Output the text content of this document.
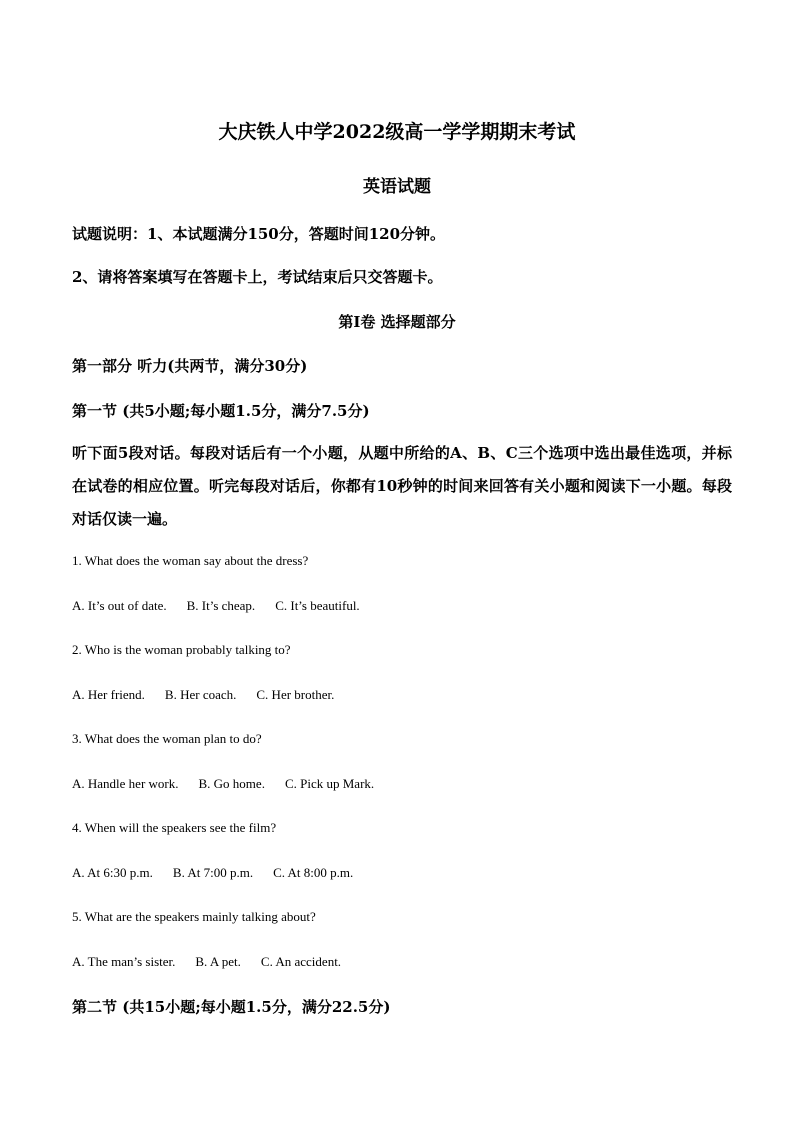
大庆铁人中学2022级高一学学期期末考试
英语试题
试题说明：1、本试题满分150分，答题时间120分钟。
2、请将答案填写在答题卡上，考试结束后只交答题卡。
第Ⅰ卷 选择题部分
第一部分 听力(共两节，满分30分)
第一节 (共5小题;每小题1.5分，满分7.5分)
听下面5段对话。每段对话后有一个小题，从题中所给的A、B、C三个选项中选出最佳选项，并标在试卷的相应位置。听完每段对话后，你都有10秒钟的时间来回答有关小题和阅读下一小题。每段对话仅读一遍。
1. What does the woman say about the dress?
A. It’s out of date. B. It’s cheap. C. It’s beautiful.
2. Who is the woman probably talking to?
A. Her friend. B. Her coach. C. Her brother.
3. What does the woman plan to do?
A. Handle her work. B. Go home. C. Pick up Mark.
4. When will the speakers see the film?
A. At 6:30 p.m. B. At 7:00 p.m. C. At 8:00 p.m.
5. What are the speakers mainly talking about?
A. The man’s sister. B. A pet. C. An accident.
第二节 (共15小题;每小题1.5分，满分22.5分)
